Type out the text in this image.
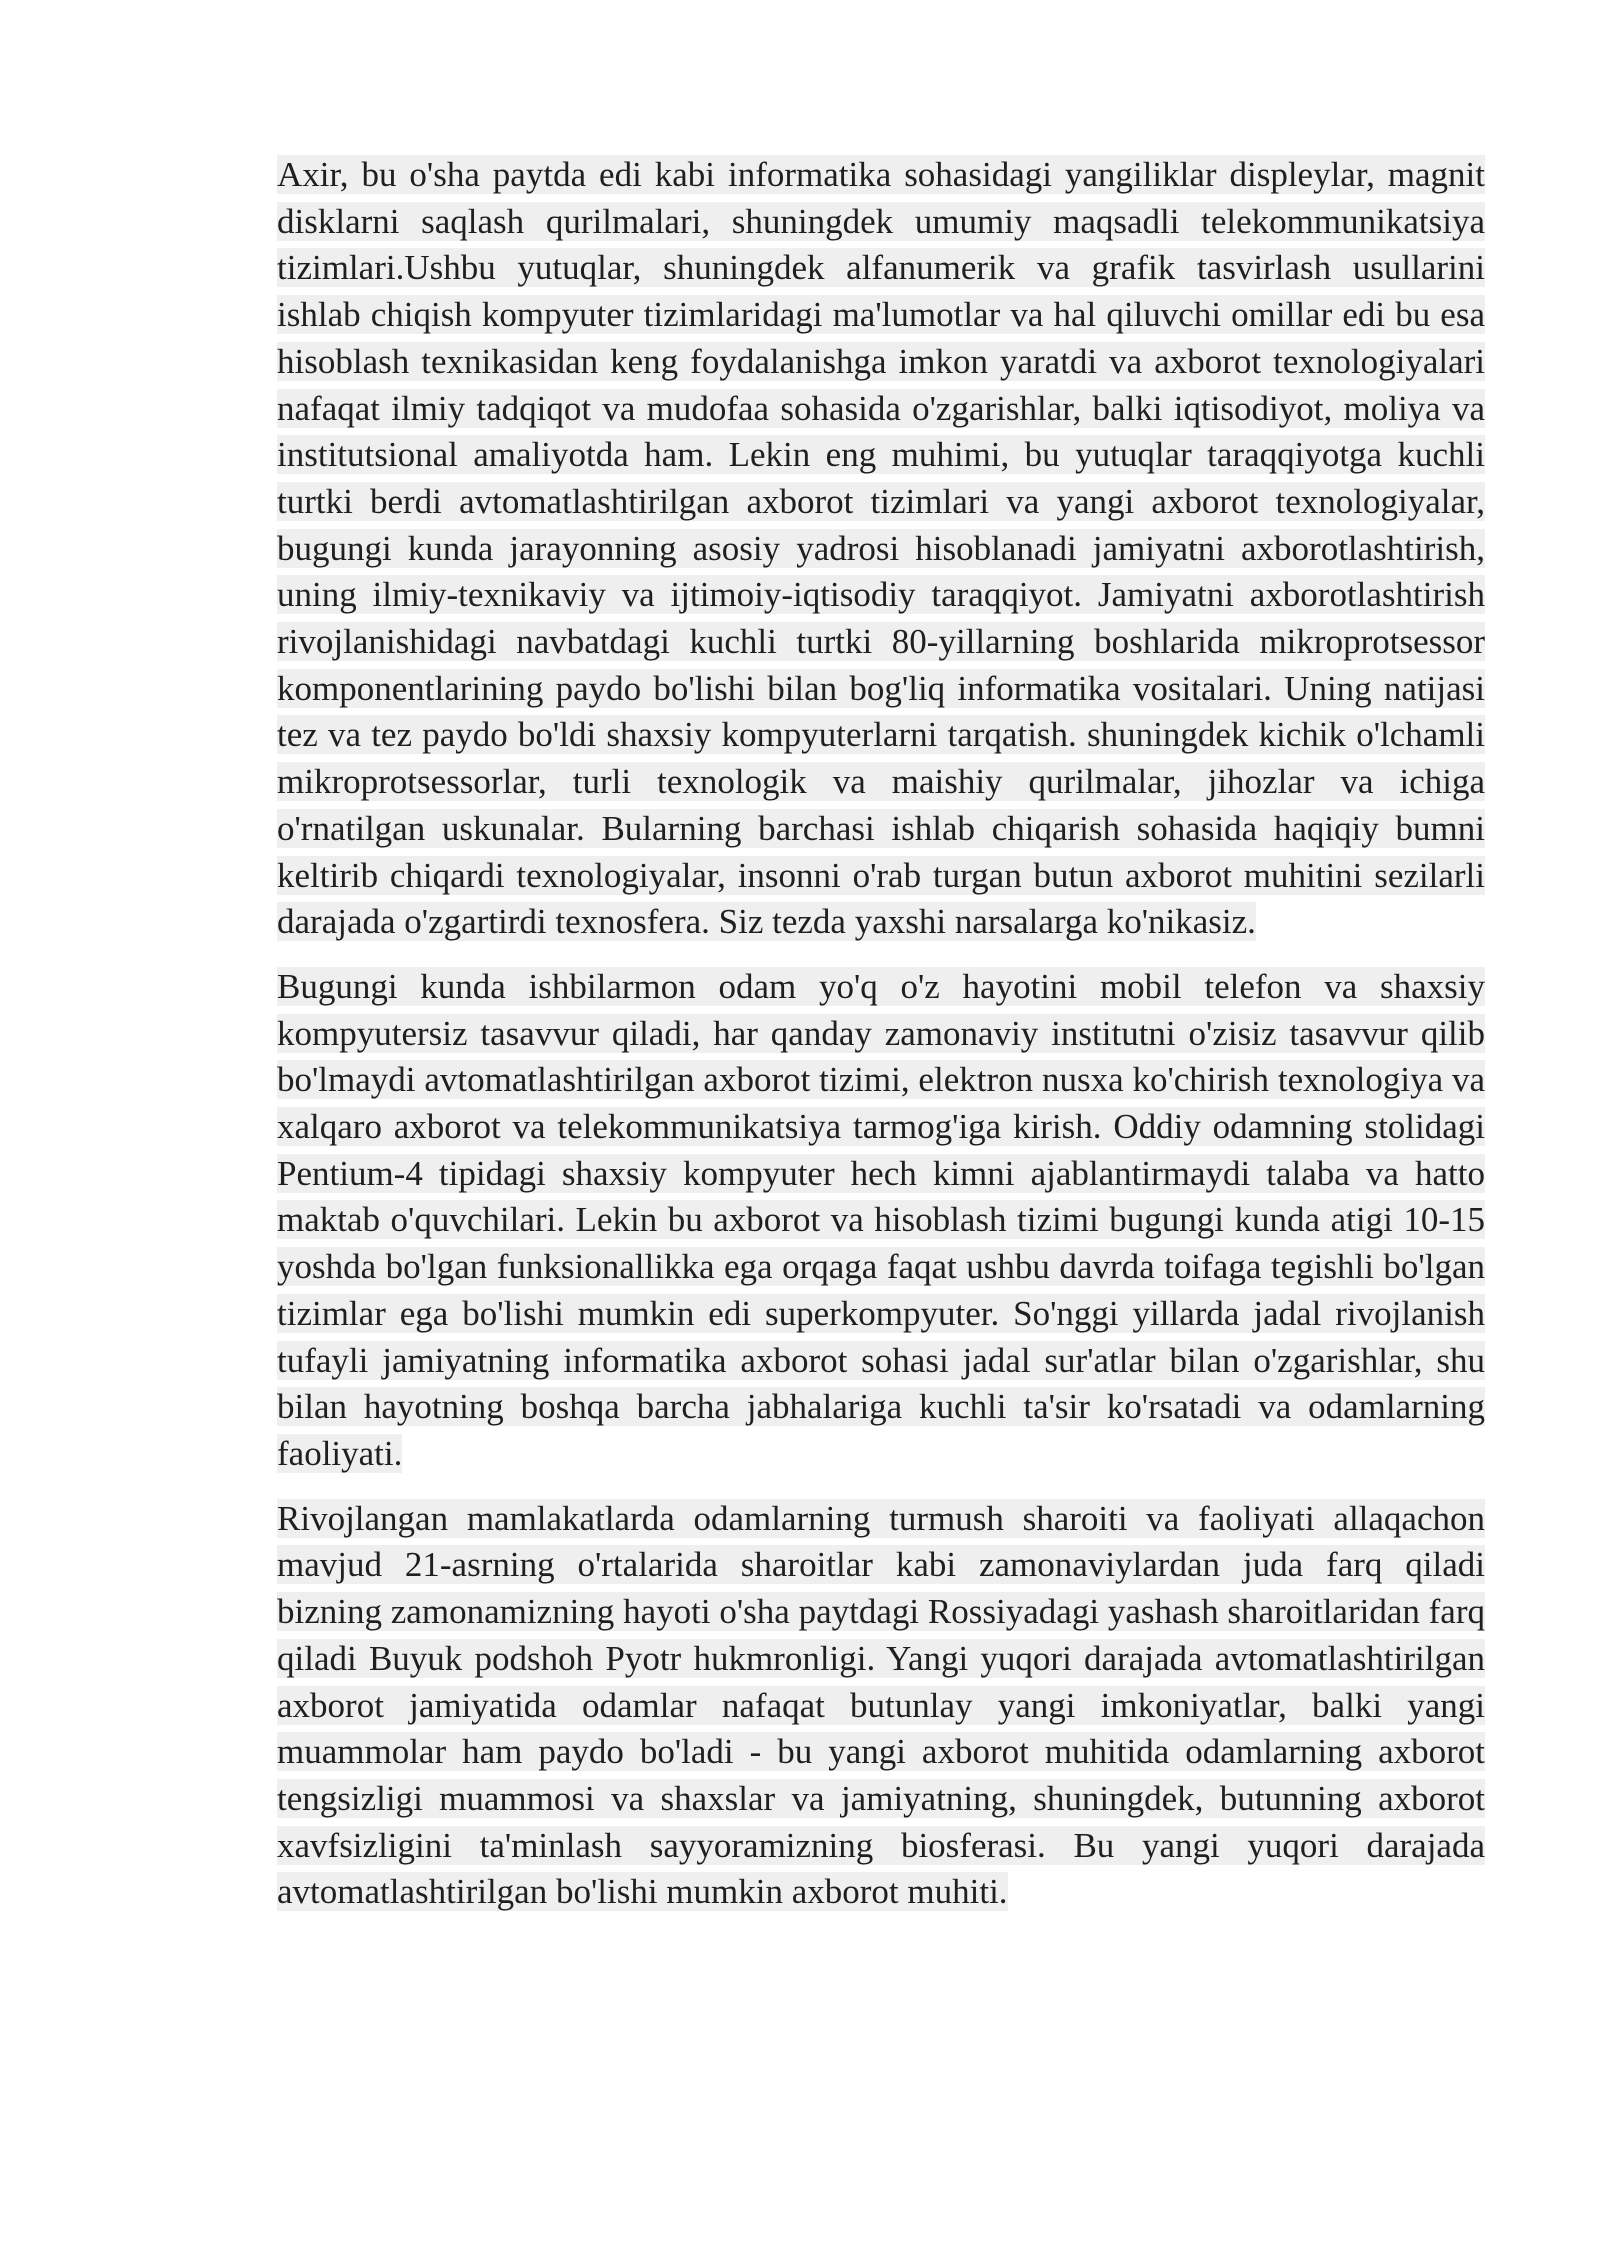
Axir, bu o'sha paytda edi kabi informatika sohasidagi yangiliklar displeylar, magnit disklarni saqlash qurilmalari, shuningdek umumiy maqsadli telekommunikatsiya tizimlari.Ushbu yutuqlar, shuningdek alfanumerik va grafik tasvirlash usullarini ishlab chiqish kompyuter tizimlaridagi ma'lumotlar va hal qiluvchi omillar edi bu esa hisoblash texnikasidan keng foydalanishga imkon yaratdi va axborot texnologiyalari nafaqat ilmiy tadqiqot va mudofaa sohasida o'zgarishlar, balki iqtisodiyot, moliya va institutsional amaliyotda ham. Lekin eng muhimi, bu yutuqlar taraqqiyotga kuchli turtki berdi avtomatlashtirilgan axborot tizimlari va yangi axborot texnologiyalar, bugungi kunda jarayonning asosiy yadrosi hisoblanadi jamiyatni axborotlashtirish, uning ilmiy-texnikaviy va ijtimoiy-iqtisodiy taraqqiyot. Jamiyatni axborotlashtirish rivojlanishidagi navbatdagi kuchli turtki 80-yillarning boshlarida mikroprotsessor komponentlarining paydo bo'lishi bilan bog'liq informatika vositalari. Uning natijasi tez va tez paydo bo'ldi shaxsiy kompyuterlarni tarqatish. shuningdek kichik o'lchamli mikroprotsessorlar, turli texnologik va maishiy qurilmalar, jihozlar va ichiga o'rnatilgan uskunalar. Bularning barchasi ishlab chiqarish sohasida haqiqiy bumni keltirib chiqardi texnologiyalar, insonni o'rab turgan butun axborot muhitini sezilarli darajada o'zgartirdi texnosfera. Siz tezda yaxshi narsalarga ko'nikasiz.

Bugungi kunda ishbilarmon odam yo'q o'z hayotini mobil telefon va shaxsiy kompyutersiz tasavvur qiladi, har qanday zamonaviy institutni o'zisiz tasavvur qilib bo'lmaydi avtomatlashtirilgan axborot tizimi, elektron nusxa ko'chirish texnologiya va xalqaro axborot va telekommunikatsiya tarmog'iga kirish. Oddiy odamning stolidagi Pentium-4 tipidagi shaxsiy kompyuter hech kimni ajablantirmaydi talaba va hatto maktab o'quvchilari. Lekin bu axborot va hisoblash tizimi bugungi kunda atigi 10-15 yoshda bo'lgan funksionallikka ega orqaga faqat ushbu davrda toifaga tegishli bo'lgan tizimlar ega bo'lishi mumkin edi superkompyuter. So'nggi yillarda jadal rivojlanish tufayli jamiyatning informatika axborot sohasi jadal sur'atlar bilan o'zgarishlar, shu bilan hayotning boshqa barcha jabhalariga kuchli ta'sir ko'rsatadi va odamlarning faoliyati.

Rivojlangan mamlakatlarda odamlarning turmush sharoiti va faoliyati allaqachon mavjud 21-asrning o'rtalarida sharoitlar kabi zamonaviylardan juda farq qiladi bizning zamonamizning hayoti o'sha paytdagi Rossiyadagi yashash sharoitlaridan farq qiladi Buyuk podshoh Pyotr hukmronligi. Yangi yuqori darajada avtomatlashtirilgan axborot jamiyatida odamlar nafaqat butunlay yangi imkoniyatlar, balki yangi muammolar ham paydo bo'ladi - bu yangi axborot muhitida odamlarning axborot tengsizligi muammosi va shaxslar va jamiyatning, shuningdek, butunning axborot xavfsizligini ta'minlash sayyoramizning biosferasi. Bu yangi yuqori darajada avtomatlashtirilgan bo'lishi mumkin axborot muhiti.
